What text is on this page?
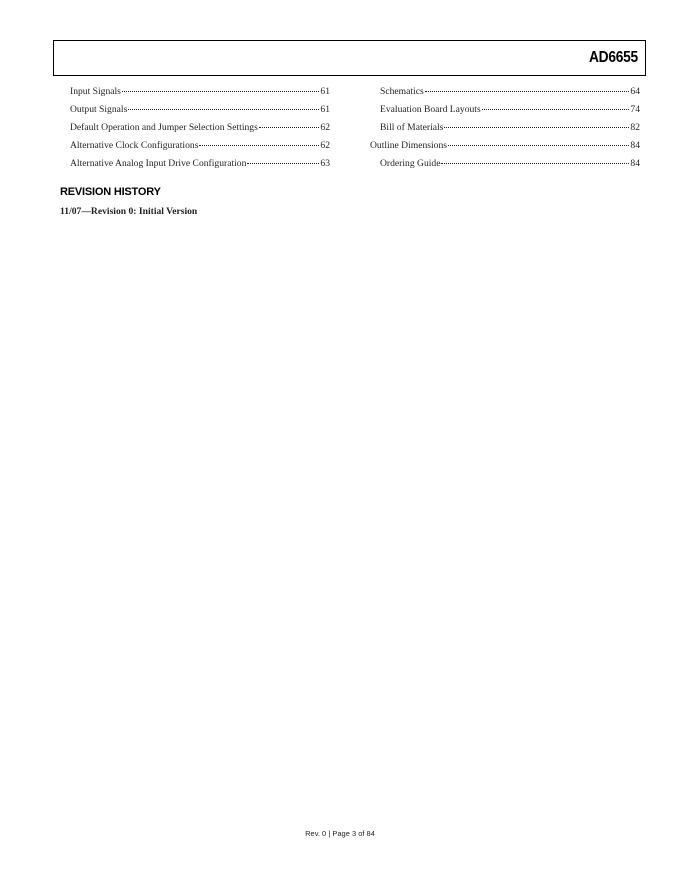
AD6655
Input Signals	61
Output Signals	61
Default Operation and Jumper Selection Settings	62
Alternative Clock Configurations	62
Alternative Analog Input Drive Configuration	63
Schematics	64
Evaluation Board Layouts	74
Bill of Materials	82
Outline Dimensions	84
Ordering Guide	84
REVISION HISTORY
11/07—Revision 0: Initial Version
Rev. 0 | Page 3 of 84
